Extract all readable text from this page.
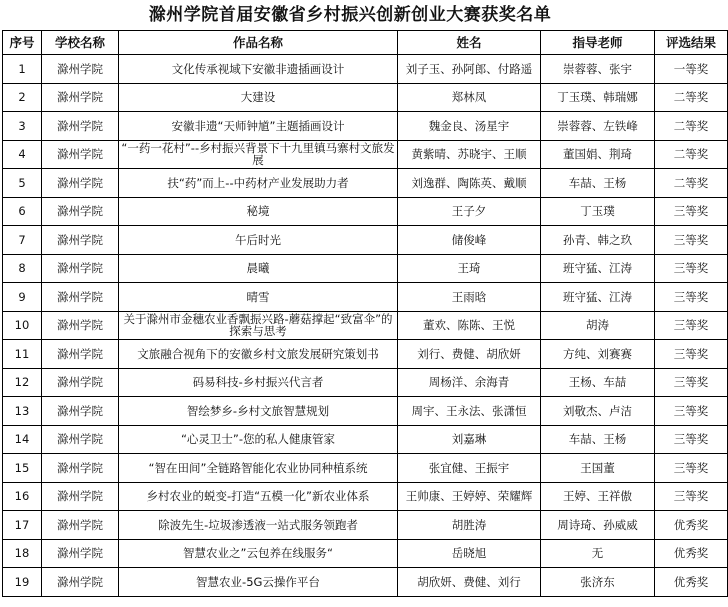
滁州学院首届安徽省乡村振兴创新创业大赛获奖名单
序号	学校名称	作品名称	姓名	指导老师	评选结果
1	滁州学院	文化传承视域下安徽非遗插画设计	刘子玉、孙阿郎、付路遥	崇蓉蓉、张宇	一等奖
2	滁州学院	大建设	郑林凤	丁玉璞、韩瑞娜	二等奖
3	滁州学院	安徽非遗“天师钟馗”主题插画设计	魏金良、汤星宇	崇蓉蓉、左铁峰	二等奖
4	滁州学院	“一药一花村”--乡村振兴背景下十九里镇马寨村文旅发展	黄紫晴、苏晓宇、王顺	董国娟、荆琦	二等奖
5	滁州学院	扶“药”而上--中药材产业发展助力者	刘逸群、陶陈英、戴顺	车喆、王杨	二等奖
6	滁州学院	秘境	王子夕	丁玉璞	三等奖
7	滁州学院	午后时光	储俊峰	孙青、韩之玖	三等奖
8	滁州学院	晨曦	王琦	班守猛、江涛	三等奖
9	滁州学院	晴雪	王雨晗	班守猛、江涛	三等奖
10	滁州学院	关于滁州市金穗农业香飘振兴路-蘑菇撑起“致富伞”的探索与思考	董欢、陈陈、王悦	胡涛	三等奖
11	滁州学院	文旅融合视角下的安徽乡村文旅发展研究策划书	刘行、费健、胡欣妍	方纯、刘赛赛	三等奖
12	滁州学院	码易科技-乡村振兴代言者	周杨洋、余海青	王杨、车喆	三等奖
13	滁州学院	智绘梦乡-乡村文旅智慧规划	周宇、王永法、张潇恒	刘敬杰、卢洁	三等奖
14	滁州学院	“心灵卫士”-您的私人健康管家	刘嘉琳	车喆、王杨	三等奖
15	滁州学院	“智在田间”全链路智能化农业协同种植系统	张宜健、王振宇	王国董	三等奖
16	滁州学院	乡村农业的蜕变-打造“五模一化”新农业体系	王帅康、王婷婷、荣耀辉	王婷、王祥傲	三等奖
17	滁州学院	除波先生-垃圾渗透液一站式服务领跑者	胡胜涛	周诗琦、孙威威	优秀奖
18	滁州学院	智慧农业之”云包养在线服务“	岳晓旭	无	优秀奖
19	滁州学院	智慧农业-5G云操作平台	胡欣妍、费健、刘行	张济东	优秀奖
